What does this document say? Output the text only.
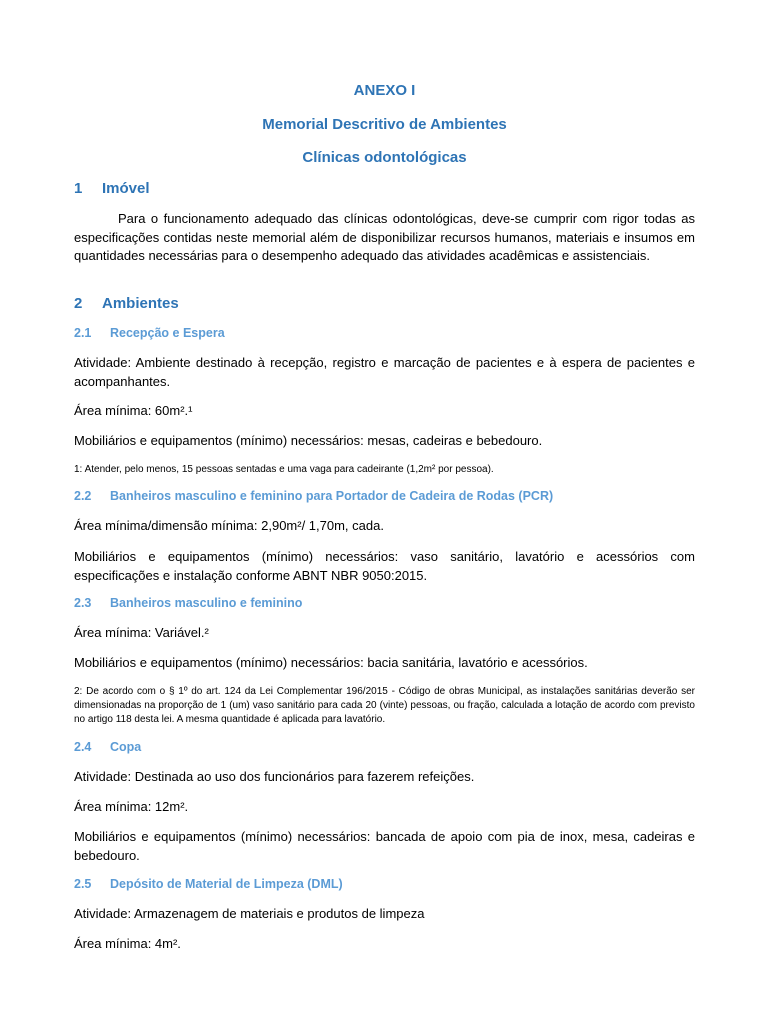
ANEXO I

Memorial Descritivo de Ambientes

Clínicas odontológicas

1 Imóvel

Para o funcionamento adequado das clínicas odontológicas, deve-se cumprir com rigor todas as especificações contidas neste memorial além de disponibilizar recursos humanos, materiais e insumos em quantidades necessárias para o desempenho adequado das atividades acadêmicas e assistenciais.

2 Ambientes

2.1 Recepção e Espera

Atividade: Ambiente destinado à recepção, registro e marcação de pacientes e à espera de pacientes e acompanhantes.

Área mínima: 60m².¹

Mobiliários e equipamentos (mínimo) necessários: mesas, cadeiras e bebedouro.

1: Atender, pelo menos, 15 pessoas sentadas e uma vaga para cadeirante (1,2m² por pessoa).

2.2 Banheiros masculino e feminino para Portador de Cadeira de Rodas (PCR)

Área mínima/dimensão mínima: 2,90m²/ 1,70m, cada.

Mobiliários e equipamentos (mínimo) necessários: vaso sanitário, lavatório e acessórios com especificações e instalação conforme ABNT NBR 9050:2015.

2.3 Banheiros masculino e feminino

Área mínima: Variável.²

Mobiliários e equipamentos (mínimo) necessários: bacia sanitária, lavatório e acessórios.

2: De acordo com o § 1º do art. 124 da Lei Complementar 196/2015 - Código de obras Municipal, as instalações sanitárias deverão ser dimensionadas na proporção de 1 (um) vaso sanitário para cada 20 (vinte) pessoas, ou fração, calculada a lotação de acordo com previsto no artigo 118 desta lei. A mesma quantidade é aplicada para lavatório.

2.4 Copa

Atividade: Destinada ao uso dos funcionários para fazerem refeições.

Área mínima: 12m².

Mobiliários e equipamentos (mínimo) necessários: bancada de apoio com pia de inox, mesa, cadeiras e bebedouro.

2.5 Depósito de Material de Limpeza (DML)

Atividade: Armazenagem de materiais e produtos de limpeza

Área mínima: 4m².
